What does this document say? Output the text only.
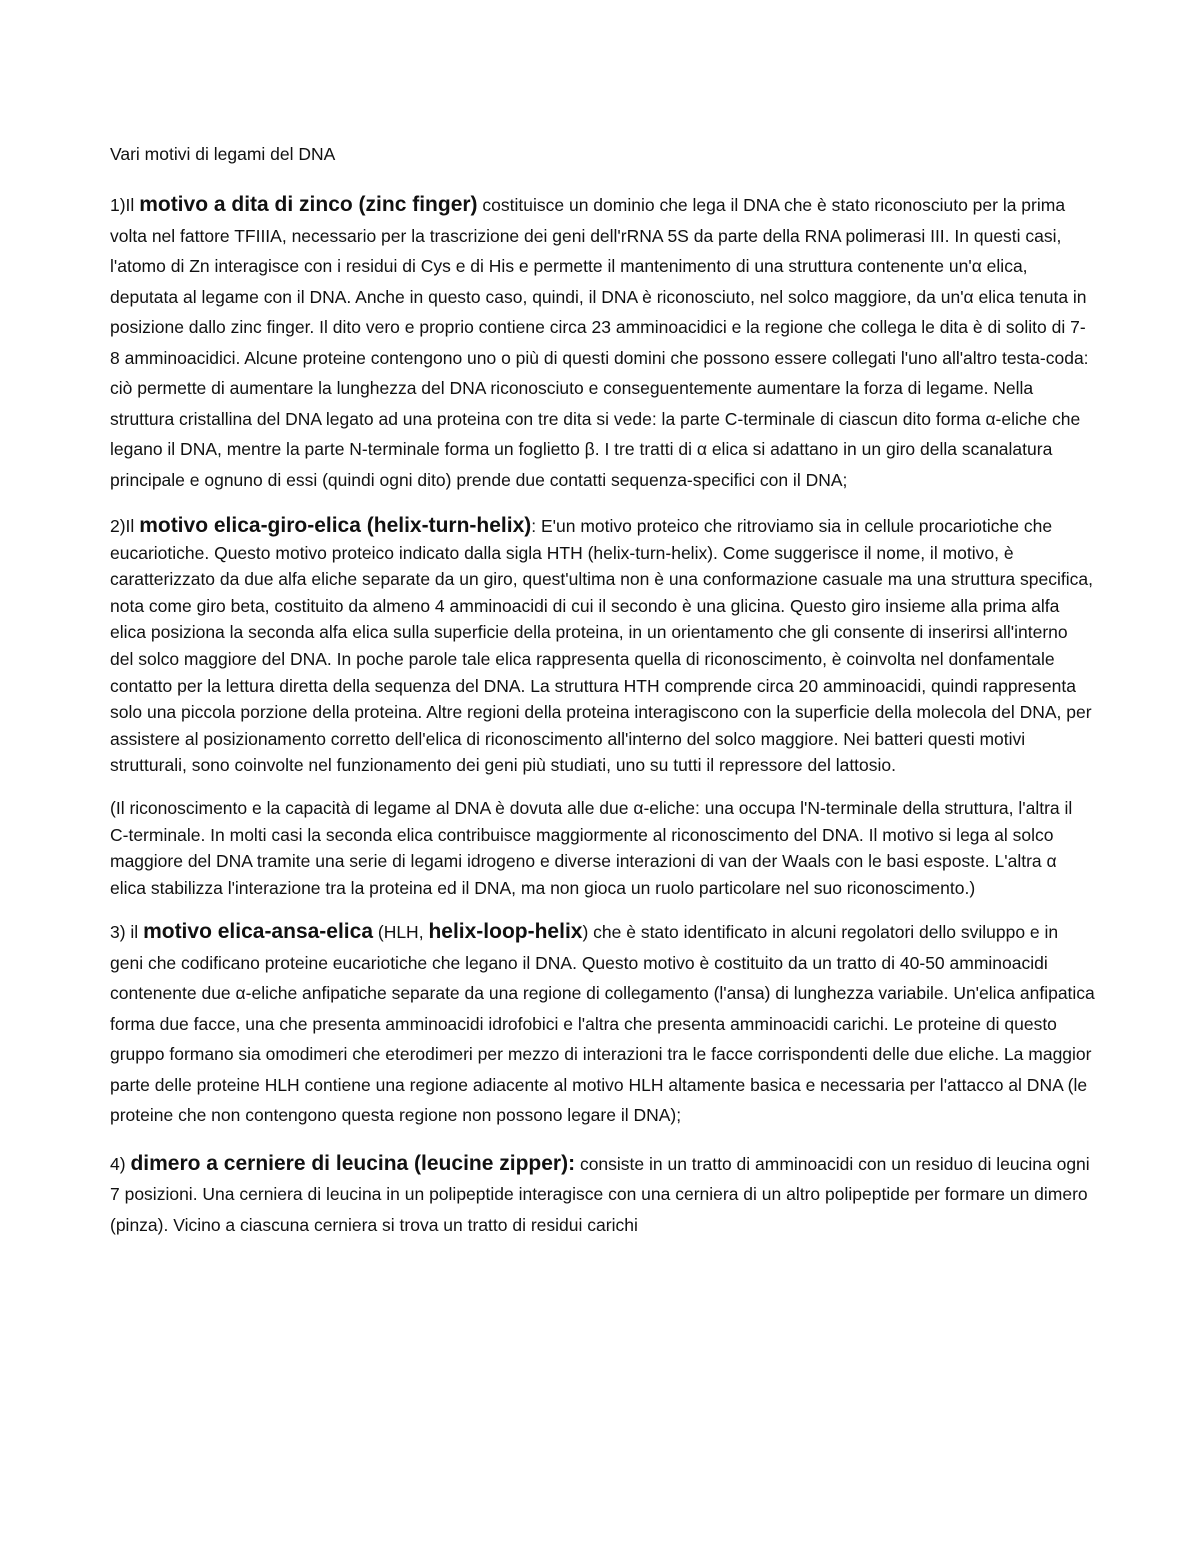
Vari motivi di legami del DNA

1)Il motivo a dita di zinco (zinc finger) costituisce un dominio che lega il DNA che è stato riconosciuto per la prima volta nel fattore TFIIIA, necessario per la trascrizione dei geni dell'rRNA 5S da parte della RNA polimerasi III. In questi casi, l'atomo di Zn interagisce con i residui di Cys e di His e permette il mantenimento di una struttura contenente un'α elica, deputata al legame con il DNA. Anche in questo caso, quindi, il DNA è riconosciuto, nel solco maggiore, da un'α elica tenuta in posizione dallo zinc finger. Il dito vero e proprio contiene circa 23 amminoacidici e la regione che collega le dita è di solito di 7-8 amminoacidici. Alcune proteine contengono uno o più di questi domini che possono essere collegati l'uno all'altro testa-coda: ciò permette di aumentare la lunghezza del DNA riconosciuto e conseguentemente aumentare la forza di legame. Nella struttura cristallina del DNA legato ad una proteina con tre dita si vede: la parte C-terminale di ciascun dito forma α-eliche che legano il DNA, mentre la parte N-terminale forma un foglietto β. I tre tratti di α elica si adattano in un giro della scanalatura principale e ognuno di essi (quindi ogni dito) prende due contatti sequenza-specifici con il DNA;

2)Il motivo elica-giro-elica (helix-turn-helix): E'un motivo proteico che ritroviamo sia in cellule procariotiche che eucariotiche. Questo motivo proteico indicato dalla sigla HTH (helix-turn-helix). Come suggerisce il nome, il motivo, è caratterizzato da due alfa eliche separate da un giro, quest'ultima non è una conformazione casuale ma una struttura specifica, nota come giro beta, costituito da almeno 4 amminoacidi di cui il secondo è una glicina. Questo giro insieme alla prima alfa elica posiziona la seconda alfa elica sulla superficie della proteina, in un orientamento che gli consente di inserirsi all'interno del solco maggiore del DNA. In poche parole tale elica rappresenta quella di riconoscimento, è coinvolta nel donfamentale contatto per la lettura diretta della sequenza del DNA. La struttura HTH comprende circa 20 amminoacidi, quindi rappresenta solo una piccola porzione della proteina. Altre regioni della proteina interagiscono con la superficie della molecola del DNA, per assistere al posizionamento corretto dell'elica di riconoscimento all'interno del solco maggiore. Nei batteri questi motivi strutturali, sono coinvolte nel funzionamento dei geni più studiati, uno su tutti il repressore del lattosio.

(Il riconoscimento e la capacità di legame al DNA è dovuta alle due α-eliche: una occupa l'N-terminale della struttura, l'altra il C-terminale. In molti casi la seconda elica contribuisce maggiormente al riconoscimento del DNA. Il motivo si lega al solco maggiore del DNA tramite una serie di legami idrogeno e diverse interazioni di van der Waals con le basi esposte. L'altra α elica stabilizza l'interazione tra la proteina ed il DNA, ma non gioca un ruolo particolare nel suo riconoscimento.)

3) il motivo elica-ansa-elica (HLH, helix-loop-helix) che è stato identificato in alcuni regolatori dello sviluppo e in geni che codificano proteine eucariotiche che legano il DNA. Questo motivo è costituito da un tratto di 40-50 amminoacidi contenente due α-eliche anfipatiche separate da una regione di collegamento (l'ansa) di lunghezza variabile. Un'elica anfipatica forma due facce, una che presenta amminoacidi idrofobici e l'altra che presenta amminoacidi carichi. Le proteine di questo gruppo formano sia omodimeri che eterodimeri per mezzo di interazioni tra le facce corrispondenti delle due eliche. La maggior parte delle proteine HLH contiene una regione adiacente al motivo HLH altamente basica e necessaria per l'attacco al DNA (le proteine che non contengono questa regione non possono legare il DNA);

4) dimero a cerniere di leucina (leucine zipper): consiste in un tratto di amminoacidi con un residuo di leucina ogni 7 posizioni. Una cerniera di leucina in un polipeptide interagisce con una cerniera di un altro polipeptide per formare un dimero (pinza). Vicino a ciascuna cerniera si trova un tratto di residui carichi
